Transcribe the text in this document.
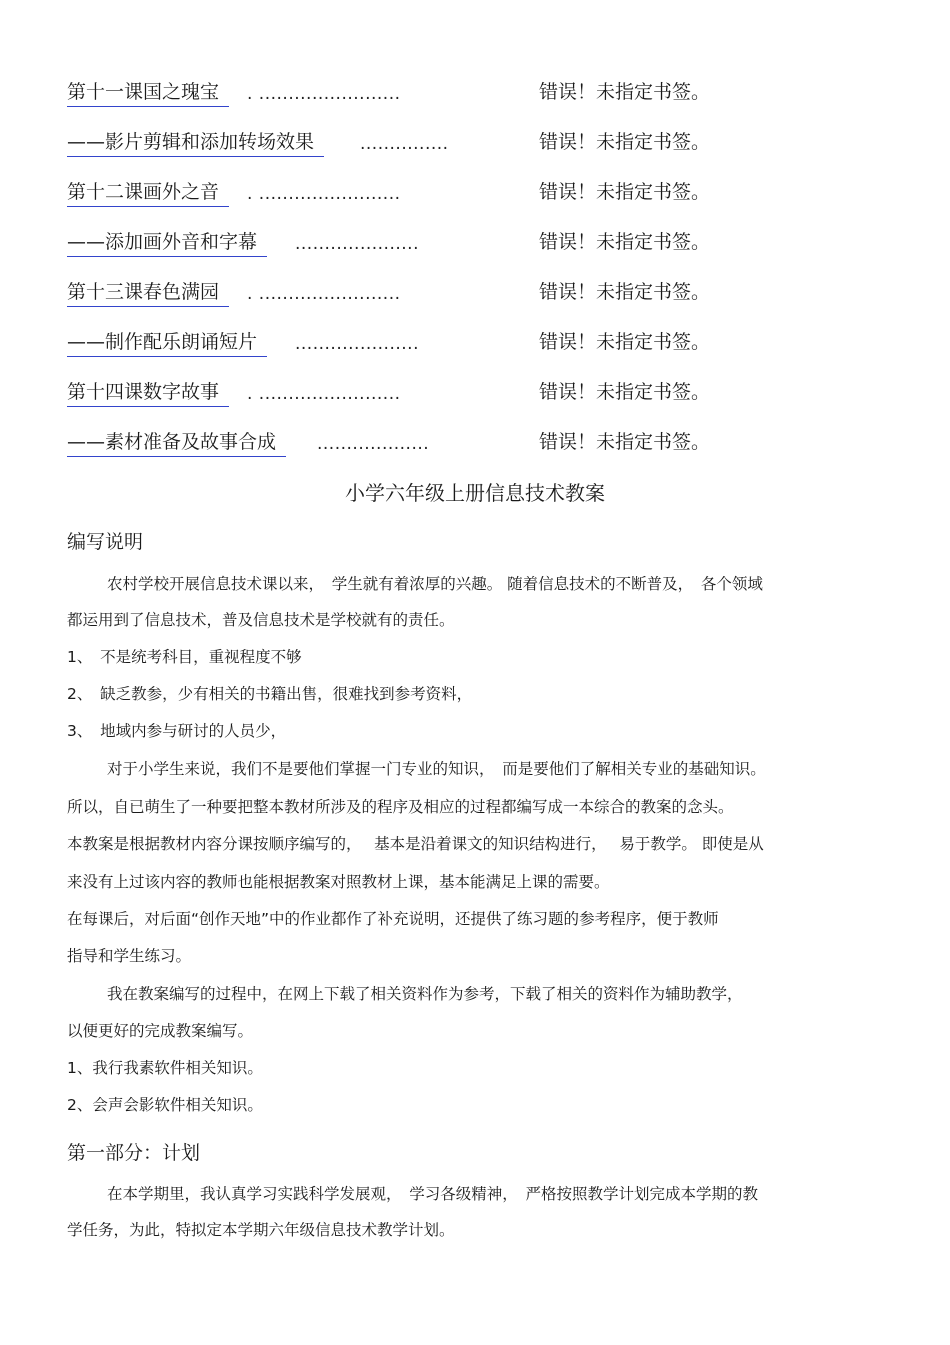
第十一课国之瑰宝	. ........................	错误！未指定书签。
——影片剪辑和添加转场效果	...............	错误！未指定书签。
第十二课画外之音	. ........................	错误！未指定书签。
——添加画外音和字幕	.....................	错误！未指定书签。
第十三课春色满园	. ........................	错误！未指定书签。
——制作配乐朗诵短片	.....................	错误！未指定书签。
第十四课数字故事	. ........................	错误！未指定书签。
——素材准备及故事合成	...................	错误！未指定书签。
小学六年级上册信息技术教案
编写说明
农村学校开展信息技术课以来，　学生就有着浓厚的兴趣。 随着信息技术的不断普及，　各个领域
都运用到了信息技术，普及信息技术是学校就有的责任。
1、　不是统考科目，重视程度不够
2、　缺乏教参，少有相关的书籍出售，很难找到参考资料，
3、　地域内参与研讨的人员少，
对于小学生来说，我们不是要他们掌握一门专业的知识，　而是要他们了解相关专业的基础知识。
所以，自已萌生了一种要把整本教材所涉及的程序及相应的过程都编写成一本综合的教案的念头。
本教案是根据教材内容分课按顺序编写的，　 基本是沿着课文的知识结构进行，　 易于教学。 即使是从
来没有上过该内容的教师也能根据教案对照教材上课，基本能满足上课的需要。
在每课后，对后面“创作天地”中的作业都作了补充说明，还提供了练习题的参考程序，便于教师
指导和学生练习。
我在教案编写的过程中，在网上下载了相关资料作为参考，下载了相关的资料作为辅助教学，
以便更好的完成教案编写。
1、我行我素软件相关知识。
2、会声会影软件相关知识。
第一部分：计划
在本学期里，我认真学习实践科学发展观，　学习各级精神，　严格按照教学计划完成本学期的教
学任务，为此，特拟定本学期六年级信息技术教学计划。
